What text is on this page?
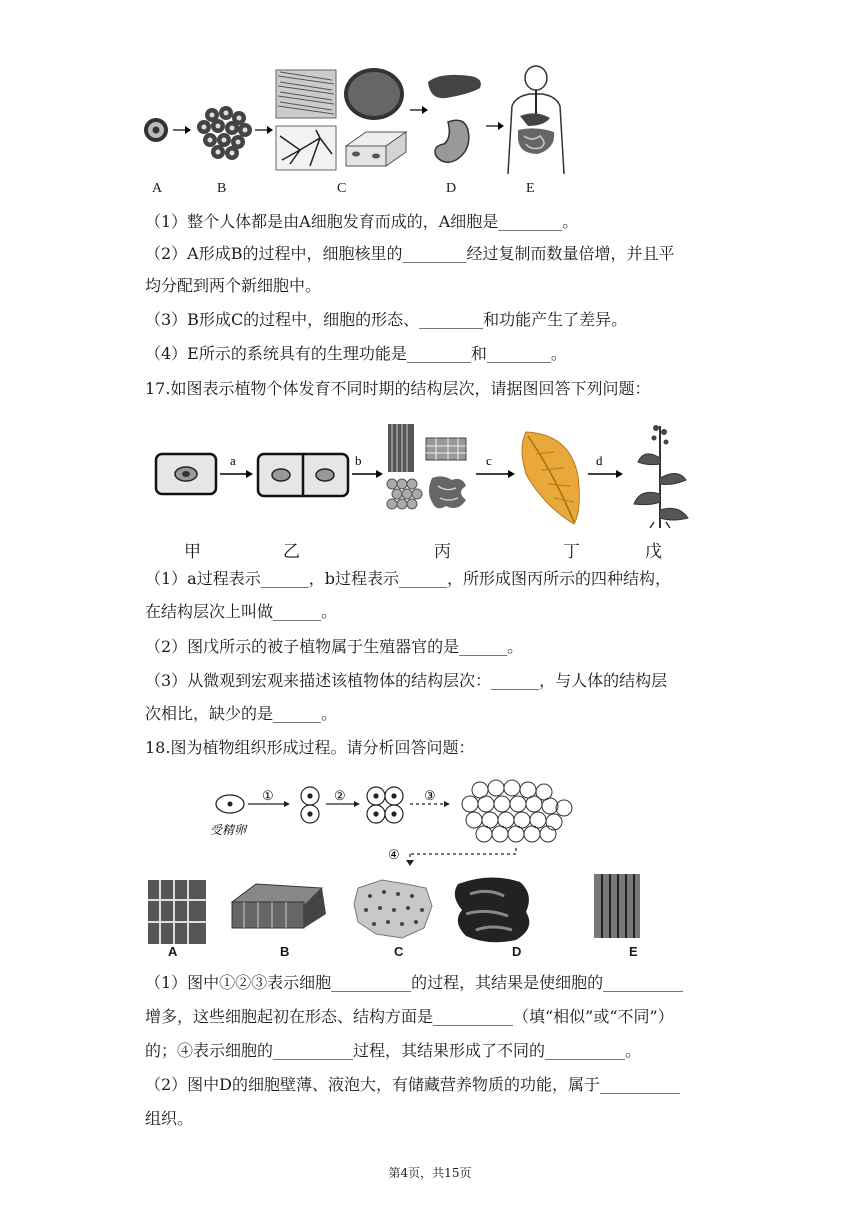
A	B	C	D	E
（1）整个人体都是由A细胞发育而成的，A细胞是________。
（2）A形成B的过程中，细胞核里的________经过复制而数量倍增，并且平
均分配到两个新细胞中。
（3）B形成C的过程中，细胞的形态、________和功能产生了差异。
（4）E所示的系统具有的生理功能是________和________。
17.如图表示植物个体发育不同时期的结构层次，请据图回答下列问题：
a	b	c	d
甲	乙	丙	丁	戊
（1）a过程表示______，b过程表示______，所形成图丙所示的四种结构，
在结构层次上叫做______。
（2）图戊所示的被子植物属于生殖器官的是______。
（3）从微观到宏观来描述该植物体的结构层次：______，与人体的结构层
次相比，缺少的是______。
18.图为植物组织形成过程。请分析回答问题：
受精卵
①	②	③
④
A	B	C	D	E
（1）图中①②③表示细胞__________的过程，其结果是使细胞的__________
增多，这些细胞起初在形态、结构方面是__________（填“相似”或“不同”）
的；④表示细胞的__________过程，其结果形成了不同的__________。
（2）图中D的细胞壁薄、液泡大，有储藏营养物质的功能，属于__________
组织。
第4页，共15页
